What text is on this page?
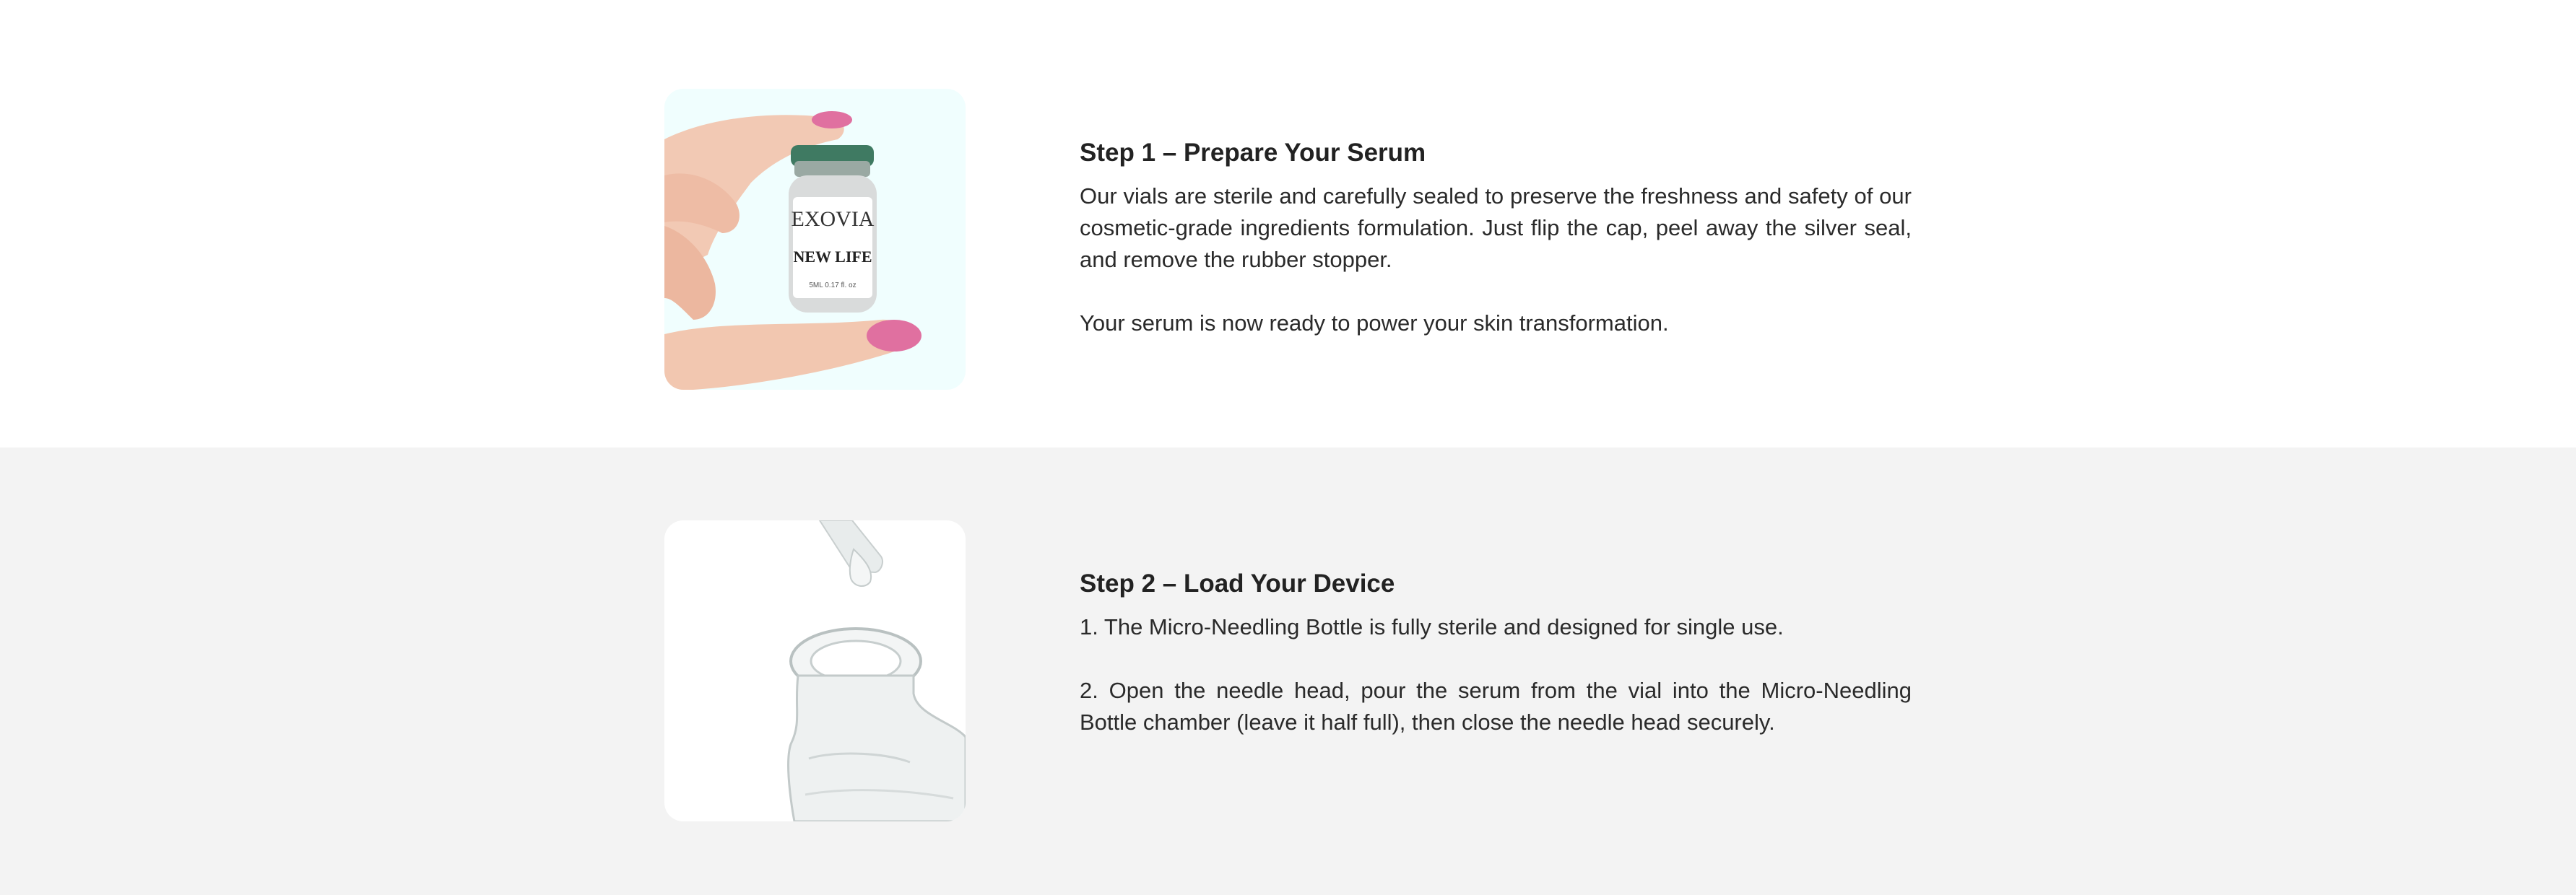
EXOVIA
NEW LIFE
5ML 0.17 fl. oz
Step 1 – Prepare Your Serum

Our vials are sterile and carefully sealed to preserve the freshness and safety of our cosmetic-grade ingredients formulation. Just flip the cap, peel away the silver seal, and remove the rubber stopper.

Your serum is now ready to power your skin transformation.

Step 2 – Load Your Device

1. The Micro-Needling Bottle is fully sterile and designed for single use.

2. Open the needle head, pour the serum from the vial into the Micro-Needling Bottle chamber (leave it half full), then close the needle head securely.
